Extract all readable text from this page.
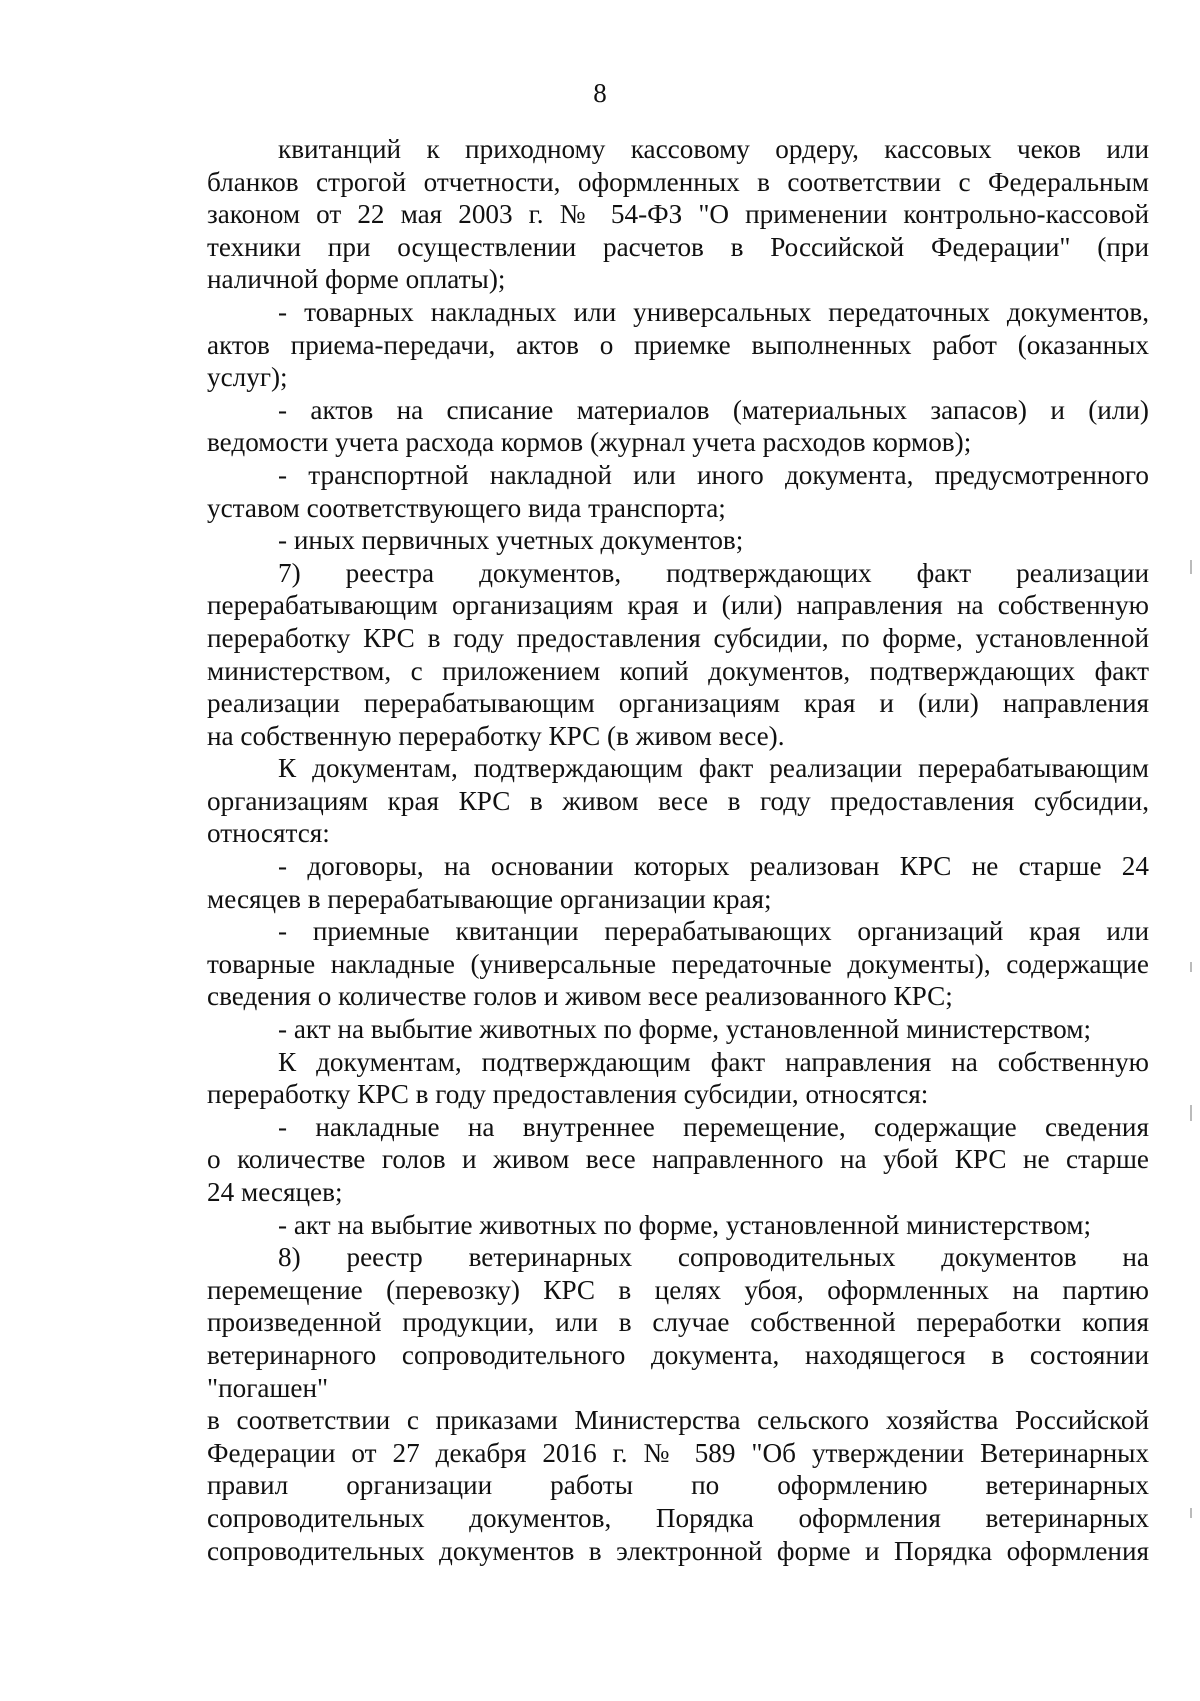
8
квитанций к приходному кассовому ордеру, кассовых чеков или
бланков строгой отчетности, оформленных в соответствии с Федеральным
законом от 22 мая 2003 г. № 54-ФЗ "О применении контрольно-кассовой
техники при осуществлении расчетов в Российской Федерации" (при
наличной форме оплаты);
- товарных накладных или универсальных передаточных документов,
актов приема-передачи, актов о приемке выполненных работ (оказанных
услуг);
- актов на списание материалов (материальных запасов) и (или)
ведомости учета расхода кормов (журнал учета расходов кормов);
- транспортной накладной или иного документа, предусмотренного
уставом соответствующего вида транспорта;
- иных первичных учетных документов;
7) реестра документов, подтверждающих факт реализации
перерабатывающим организациям края и (или) направления на собственную
переработку КРС в году предоставления субсидии, по форме, установленной
министерством, с приложением копий документов, подтверждающих факт
реализации перерабатывающим организациям края и (или) направления
на собственную переработку КРС (в живом весе).
К документам, подтверждающим факт реализации перерабатывающим
организациям края КРС в живом весе в году предоставления субсидии,
относятся:
- договоры, на основании которых реализован КРС не старше 24
месяцев в перерабатывающие организации края;
- приемные квитанции перерабатывающих организаций края или
товарные накладные (универсальные передаточные документы), содержащие
сведения о количестве голов и живом весе реализованного КРС;
- акт на выбытие животных по форме, установленной министерством;
К документам, подтверждающим факт направления на собственную
переработку КРС в году предоставления субсидии, относятся:
- накладные на внутреннее перемещение, содержащие сведения
о количестве голов и живом весе направленного на убой КРС не старше
24 месяцев;
- акт на выбытие животных по форме, установленной министерством;
8) реестр ветеринарных сопроводительных документов на
перемещение (перевозку) КРС в целях убоя, оформленных на партию
произведенной продукции, или в случае собственной переработки копия
ветеринарного сопроводительного документа, находящегося в состоянии
"погашен"
в соответствии с приказами Министерства сельского хозяйства Российской
Федерации от 27 декабря 2016 г. № 589 "Об утверждении Ветеринарных
правил организации работы по оформлению ветеринарных
сопроводительных документов, Порядка оформления ветеринарных
сопроводительных документов в электронной форме и Порядка оформления
